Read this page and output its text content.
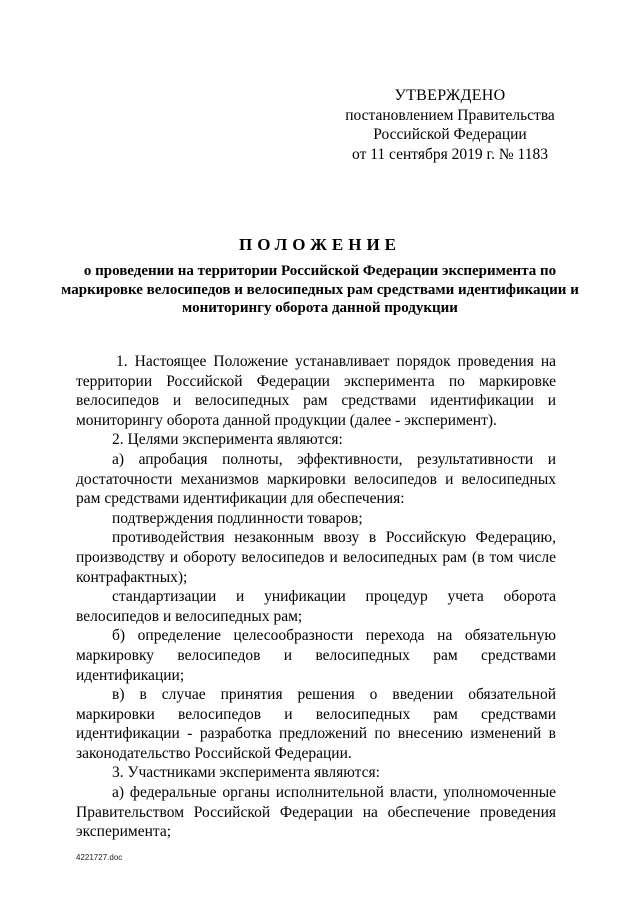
УТВЕРЖДЕНО
постановлением Правительства
Российской Федерации
от 11 сентября 2019 г. № 1183
ПОЛОЖЕНИЕ
о проведении на территории Российской Федерации эксперимента по маркировке велосипедов и велосипедных рам средствами идентификации и мониторингу оборота данной продукции

1. Настоящее Положение устанавливает порядок проведения на территории Российской Федерации эксперимента по маркировке велосипедов и велосипедных рам средствами идентификации и мониторингу оборота данной продукции (далее - эксперимент).

2. Целями эксперимента являются:

а) апробация полноты, эффективности, результативности и достаточности механизмов маркировки велосипедов и велосипедных рам средствами идентификации для обеспечения:

подтверждения подлинности товаров;

противодействия незаконным ввозу в Российскую Федерацию, производству и обороту велосипедов и велосипедных рам (в том числе контрафактных);

стандартизации и унификации процедур учета оборота велосипедов и велосипедных рам;

б) определение целесообразности перехода на обязательную маркировку велосипедов и велосипедных рам средствами идентификации;

в) в случае принятия решения о введении обязательной маркировки велосипедов и велосипедных рам средствами идентификации - разработка предложений по внесению изменений в законодательство Российской Федерации.

3. Участниками эксперимента являются:

а) федеральные органы исполнительной власти, уполномоченные Правительством Российской Федерации на обеспечение проведения эксперимента;

4221727.doc
